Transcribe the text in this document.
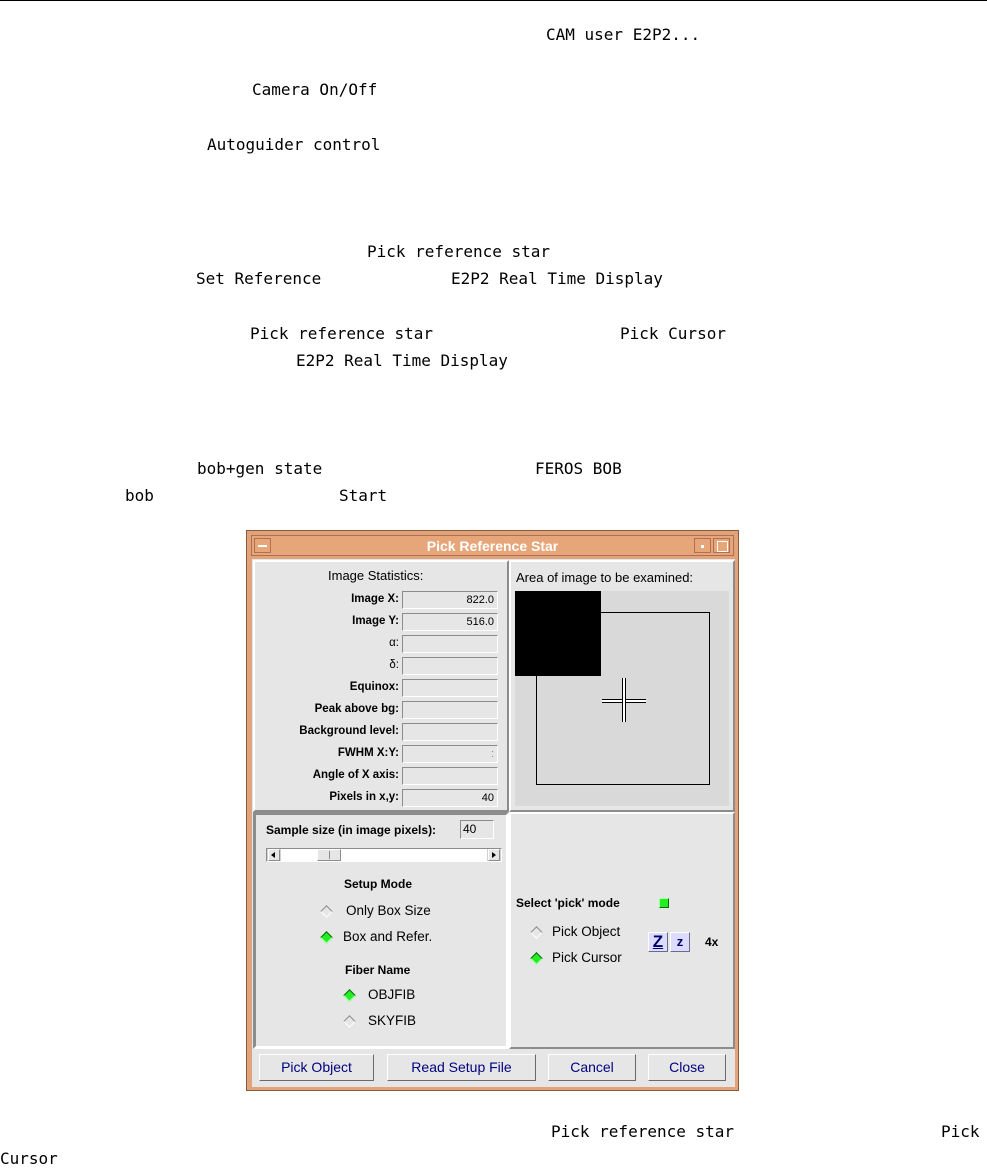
CAM user E2P2...
Camera On/Off
Autoguider control
Pick reference star
Set Reference	E2P2 Real Time Display
Pick reference star	Pick Cursor
E2P2 Real Time Display
bob+gen state	FEROS BOB
bob	Start
Pick reference star	Pick
Cursor
Pick Reference Star
Image Statistics:
Image X:	822.0
Image Y:	516.0
α:
δ:
Equinox:
Peak above bg:
Background level:
FWHM X:Y:	:
Angle of X axis:
Pixels in x,y:	40
Area of image to be examined:
Sample size (in image pixels): 40
Setup Mode
Only Box Size
Box and Refer.
Fiber Name
OBJFIB
SKYFIB
Select 'pick' mode
Pick Object
Pick Cursor
Z	z	4x
Pick Object	Read Setup File	Cancel	Close
